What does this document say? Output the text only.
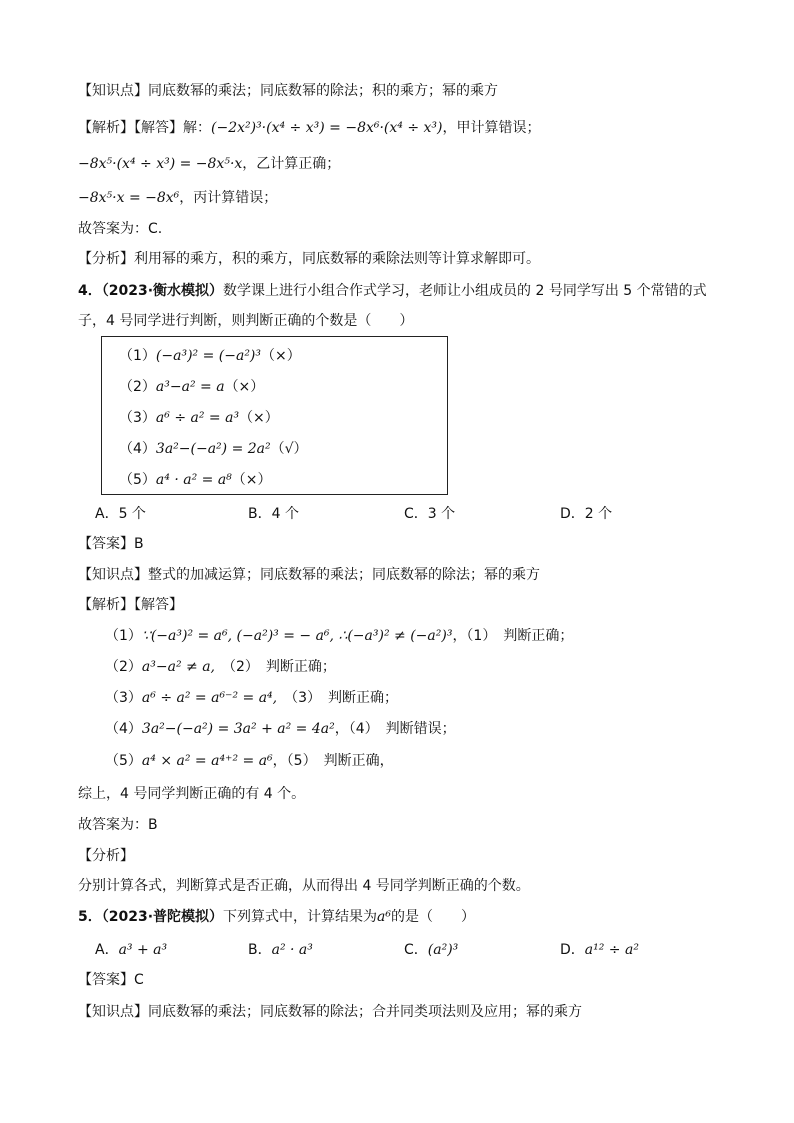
【知识点】同底数幂的乘法；同底数幂的除法；积的乘方；幂的乘方
【解析】【解答】解：(−2x²)³·(x⁴ ÷ x³) = −8x⁶·(x⁴ ÷ x³)，甲计算错误；
−8x⁵·(x⁴ ÷ x³) = −8x⁵·x，乙计算正确；
−8x⁵·x = −8x⁶，丙计算错误；
故答案为：C.
【分析】利用幂的乘方，积的乘方，同底数幂的乘除法则等计算求解即可。
4．（2023·衡水模拟）数学课上进行小组合作式学习，老师让小组成员的 2 号同学写出 5 个常错的式
子，4 号同学进行判断，则判断正确的个数是（　　）
（1）(−a³)² = (−a²)³（×）
（2）a³−a² = a（×）
（3）a⁶ ÷ a² = a³（×）
（4）3a²−(−a²) = 2a²（√）
（5）a⁴ · a² = a⁸（×）
A．5 个	B．4 个	C．3 个	D．2 个
【答案】B
【知识点】整式的加减运算；同底数幂的乘法；同底数幂的除法；幂的乘方
【解析】【解答】
（1）∵(−a³)² = a⁶, (−a²)³ = − a⁶, ∴(−a³)² ≠ (−a²)³，（1）　判断正确；
（2）a³−a² ≠ a,　（2）　判断正确；
（3）a⁶ ÷ a² = a⁶⁻² = a⁴,　（3）　判断正确；
（4）3a²−(−a²) = 3a² + a² = 4a²，（4）　判断错误；
（5）a⁴ × a² = a⁴⁺² = a⁶，（5）　判断正确，
综上，4 号同学判断正确的有 4 个。
故答案为：B
【分析】
分别计算各式，判断算式是否正确，从而得出 4 号同学判断正确的个数。
5．（2023·普陀模拟）下列算式中，计算结果为a⁶的是（　　）
A．a³ + a³	B．a² · a³	C．(a²)³	D．a¹² ÷ a²
【答案】C
【知识点】同底数幂的乘法；同底数幂的除法；合并同类项法则及应用；幂的乘方
